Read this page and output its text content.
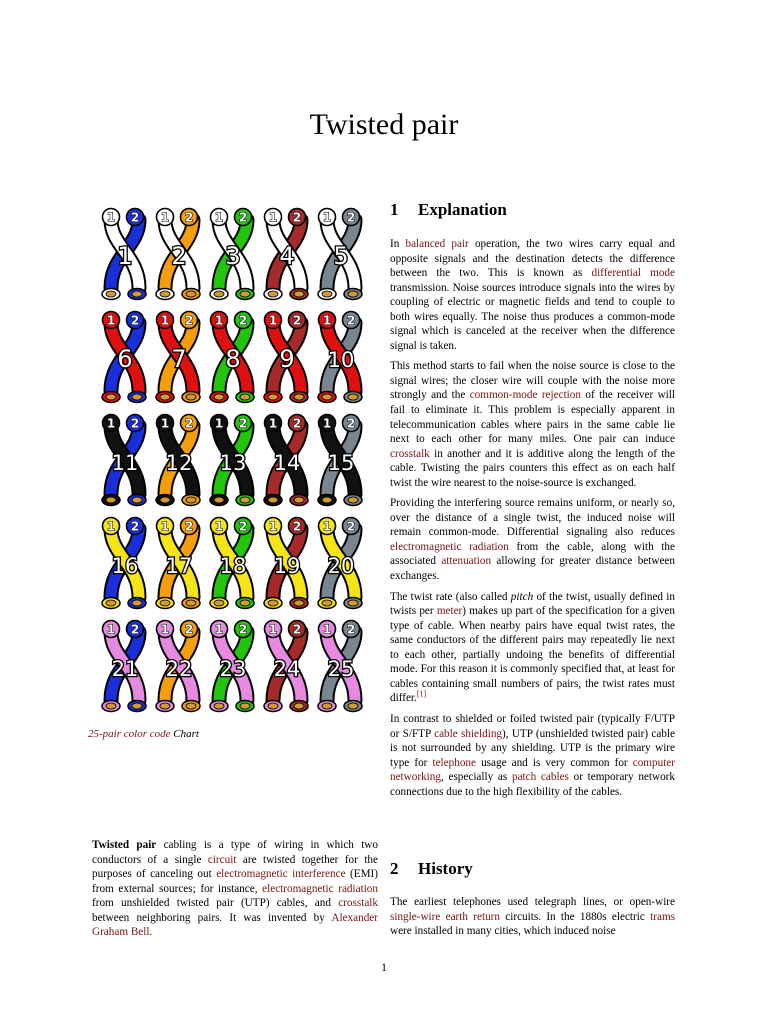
Twisted pair
1 2
1
1 2
2
1 2
3
1 2
4
1 2
5
1 2
6
1 2
7
1 2
8
1 2
9
1 2
10
1 2
11
1 2
12
1 2
13
1 2
14
1 2
15
1 2
16
1 2
17
1 2
18
1 2
19
1 2
20
1 2
21
1 2
22
1 2
23
1 2
24
1 2
25
25-pair color code Chart

Twisted pair cabling is a type of wiring in which two conductors of a single circuit are twisted together for the purposes of canceling out electromagnetic interference (EMI) from external sources; for instance, electromagnetic radiation from unshielded twisted pair (UTP) cables, and crosstalk between neighboring pairs. It was invented by Alexander Graham Bell.

1 Explanation

In balanced pair operation, the two wires carry equal and opposite signals and the destination detects the difference between the two. This is known as differential mode transmission. Noise sources introduce signals into the wires by coupling of electric or magnetic fields and tend to couple to both wires equally. The noise thus produces a common-mode signal which is canceled at the receiver when the difference signal is taken.

This method starts to fail when the noise source is close to the signal wires; the closer wire will couple with the noise more strongly and the common-mode rejection of the receiver will fail to eliminate it. This problem is especially apparent in telecommunication cables where pairs in the same cable lie next to each other for many miles. One pair can induce crosstalk in another and it is additive along the length of the cable. Twisting the pairs counters this effect as on each half twist the wire nearest to the noise-source is exchanged.

Providing the interfering source remains uniform, or nearly so, over the distance of a single twist, the induced noise will remain common-mode. Differential signaling also reduces electromagnetic radiation from the cable, along with the associated attenuation allowing for greater distance between exchanges.

The twist rate (also called pitch of the twist, usually defined in twists per meter) makes up part of the specification for a given type of cable. When nearby pairs have equal twist rates, the same conductors of the different pairs may repeatedly lie next to each other, partially undoing the benefits of differential mode. For this reason it is commonly specified that, at least for cables containing small numbers of pairs, the twist rates must differ.[1]

In contrast to shielded or foiled twisted pair (typically F/UTP or S/FTP cable shielding), UTP (unshielded twisted pair) cable is not surrounded by any shielding. UTP is the primary wire type for telephone usage and is very common for computer networking, especially as patch cables or temporary network connections due to the high flexibility of the cables.

2 History

The earliest telephones used telegraph lines, or open-wire single-wire earth return circuits. In the 1880s electric trams were installed in many cities, which induced noise

1
